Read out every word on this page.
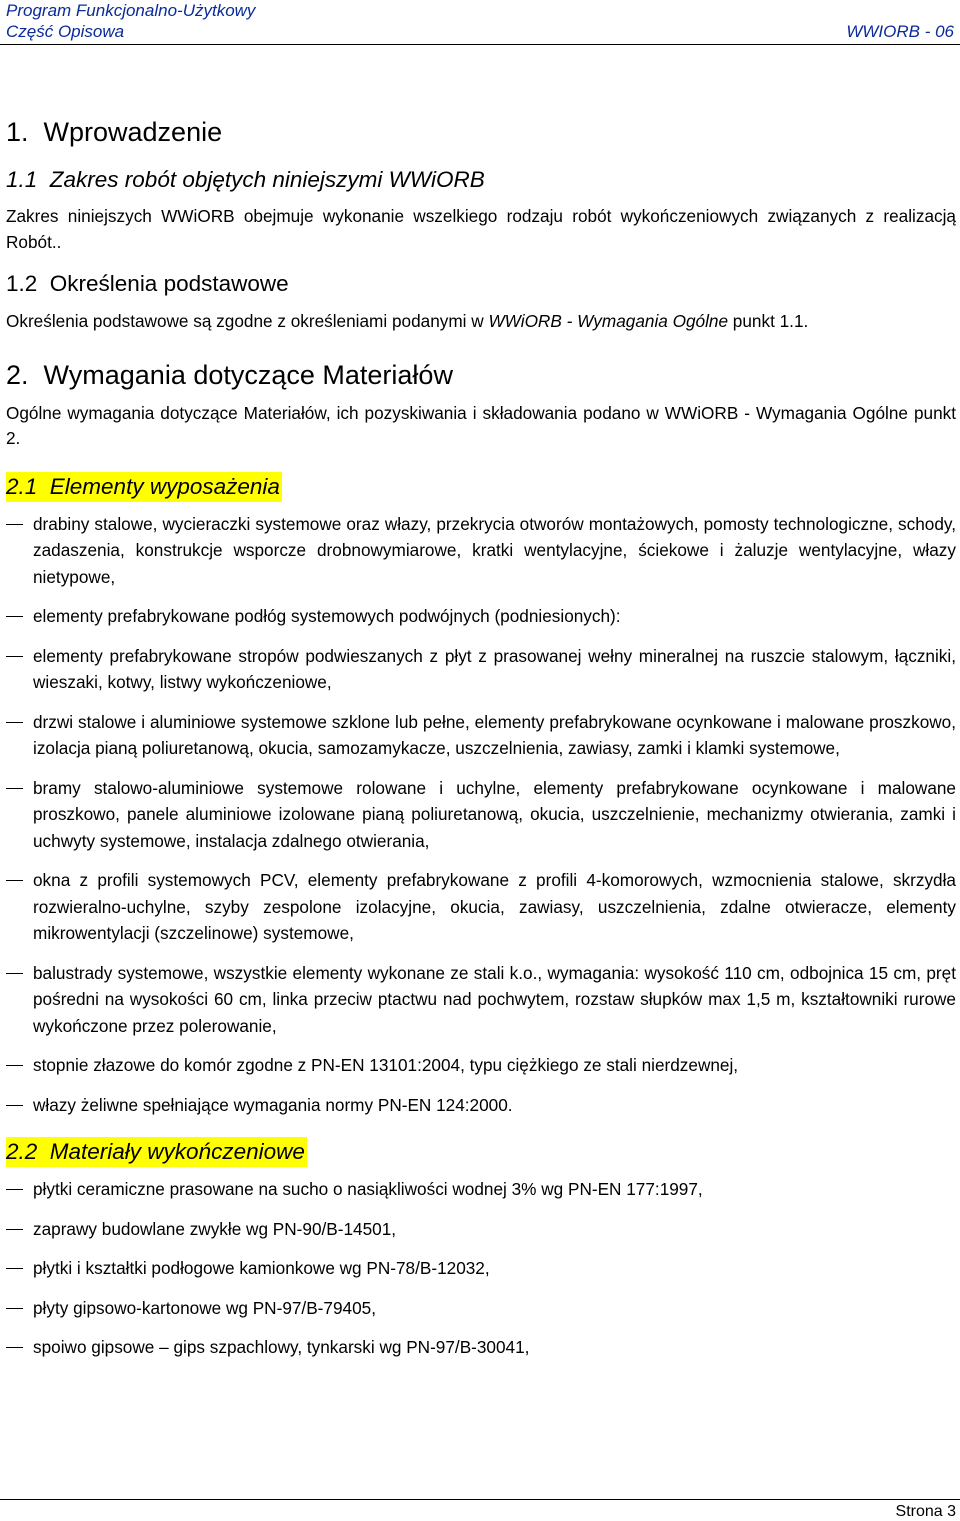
Program Funkcjonalno-Użytkowy
Część Opisowa	WWIORB - 06
1.  Wprowadzenie
1.1  Zakres robót objętych niniejszymi WWiORB

Zakres niniejszych WWiORB obejmuje wykonanie wszelkiego rodzaju robót wykończeniowych związanych z realizacją Robót..

1.2  Określenia podstawowe

Określenia podstawowe są zgodne z określeniami podanymi w WWiORB - Wymagania Ogólne punkt 1.1.

2.  Wymagania dotyczące Materiałów

Ogólne wymagania dotyczące Materiałów, ich pozyskiwania i składowania podano w WWiORB - Wymagania Ogólne punkt 2.

2.1  Elementy wyposażenia
drabiny stalowe, wycieraczki systemowe oraz włazy, przekrycia otworów montażowych, pomosty technologiczne, schody, zadaszenia, konstrukcje wsporcze drobnowymiarowe, kratki wentylacyjne, ściekowe i żaluzje wentylacyjne, włazy nietypowe,
elementy prefabrykowane podłóg systemowych podwójnych (podniesionych):
elementy prefabrykowane stropów podwieszanych z płyt z prasowanej wełny mineralnej na ruszcie stalowym, łączniki, wieszaki, kotwy, listwy wykończeniowe,
drzwi stalowe i aluminiowe systemowe szklone lub pełne, elementy prefabrykowane ocynkowane i malowane proszkowo, izolacja pianą poliuretanową, okucia, samozamykacze, uszczelnienia, zawiasy, zamki i klamki systemowe,
bramy stalowo-aluminiowe systemowe rolowane i uchylne, elementy prefabrykowane ocynkowane i malowane proszkowo, panele aluminiowe izolowane pianą poliuretanową, okucia, uszczelnienie, mechanizmy otwierania, zamki i uchwyty systemowe, instalacja zdalnego otwierania,
okna z profili systemowych PCV, elementy prefabrykowane z profili 4-komorowych, wzmocnienia stalowe, skrzydła rozwieralno-uchylne, szyby zespolone izolacyjne, okucia, zawiasy, uszczelnienia, zdalne otwieracze, elementy mikrowentylacji (szczelinowe) systemowe,
balustrady systemowe, wszystkie elementy wykonane ze stali k.o., wymagania: wysokość 110 cm, odbojnica 15 cm, pręt pośredni na wysokości 60 cm, linka przeciw ptactwu nad pochwytem, rozstaw słupków max 1,5 m, kształtowniki rurowe wykończone przez polerowanie,
stopnie złazowe do komór zgodne z PN-EN 13101:2004, typu ciężkiego ze stali nierdzewnej,
włazy żeliwne spełniające wymagania normy PN-EN 124:2000.
2.2  Materiały wykończeniowe
płytki ceramiczne prasowane na sucho o nasiąkliwości wodnej 3% wg PN-EN 177:1997,
zaprawy budowlane zwykłe wg PN-90/B-14501,
płytki i kształtki podłogowe kamionkowe wg PN-78/B-12032,
płyty gipsowo-kartonowe wg PN-97/B-79405,
spoiwo gipsowe – gips szpachlowy, tynkarski wg PN-97/B-30041,
Strona 3
